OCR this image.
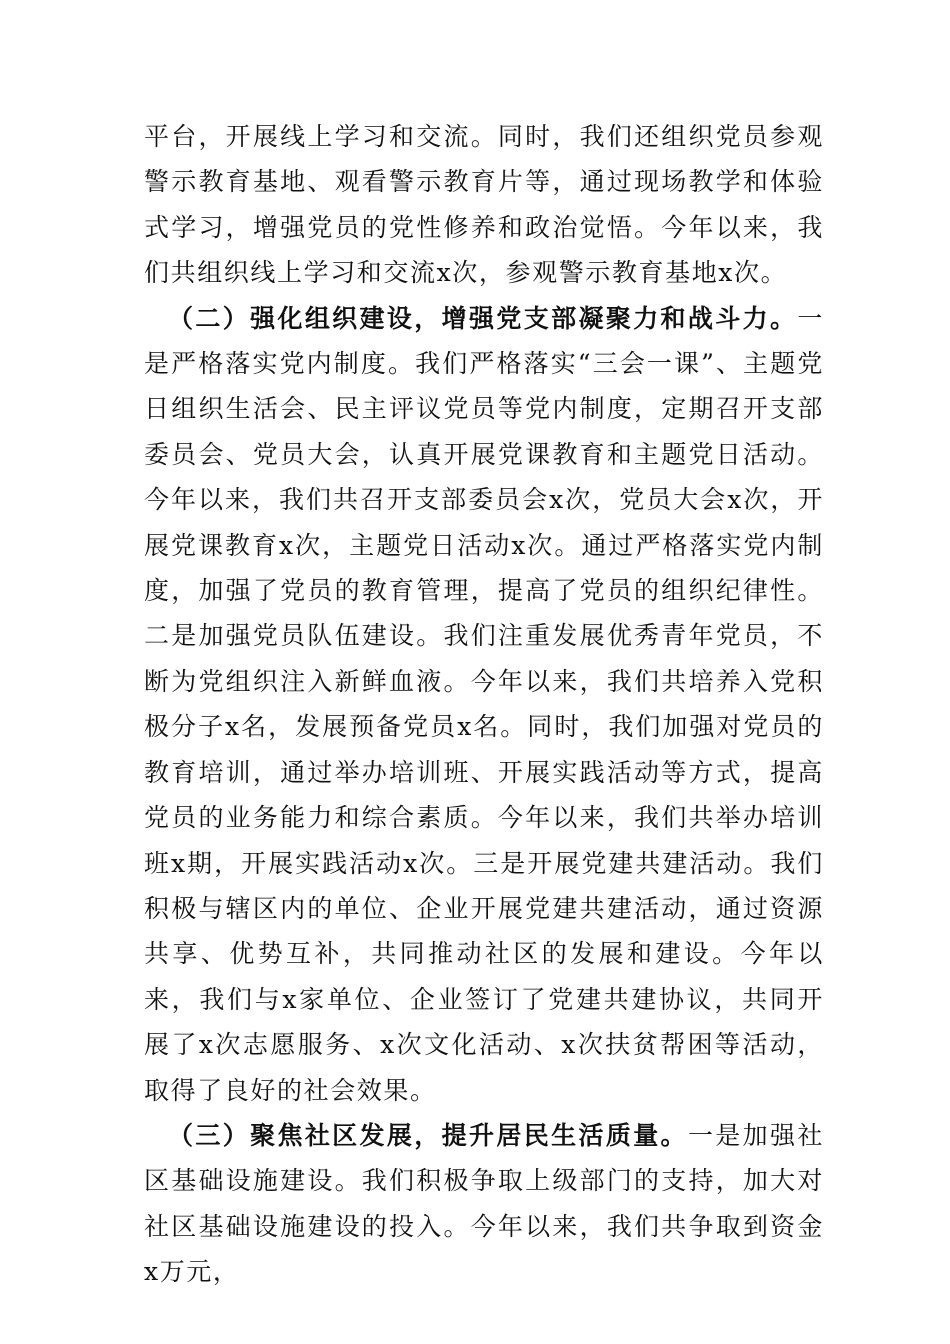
平台，开展线上学习和交流。同时，我们还组织党员参观警示教育基地、观看警示教育片等，通过现场教学和体验式学习，增强党员的党性修养和政治觉悟。今年以来，我们共组织线上学习和交流x次，参观警示教育基地x次。

（二）强化组织建设，增强党支部凝聚力和战斗力。一是严格落实党内制度。我们严格落实“三会一课”、主题党日组织生活会、民主评议党员等党内制度，定期召开支部委员会、党员大会，认真开展党课教育和主题党日活动。今年以来，我们共召开支部委员会x次，党员大会x次，开展党课教育x次，主题党日活动x次。通过严格落实党内制度，加强了党员的教育管理，提高了党员的组织纪律性。二是加强党员队伍建设。我们注重发展优秀青年党员，不断为党组织注入新鲜血液。今年以来，我们共培养入党积极分子x名，发展预备党员x名。同时，我们加强对党员的教育培训，通过举办培训班、开展实践活动等方式，提高党员的业务能力和综合素质。今年以来，我们共举办培训班x期，开展实践活动x次。三是开展党建共建活动。我们积极与辖区内的单位、企业开展党建共建活动，通过资源共享、优势互补，共同推动社区的发展和建设。今年以来，我们与x家单位、企业签订了党建共建协议，共同开展了x次志愿服务、x次文化活动、x次扶贫帮困等活动，取得了良好的社会效果。

（三）聚焦社区发展，提升居民生活质量。一是加强社区基础设施建设。我们积极争取上级部门的支持，加大对社区基础设施建设的投入。今年以来，我们共争取到资金x万元，
